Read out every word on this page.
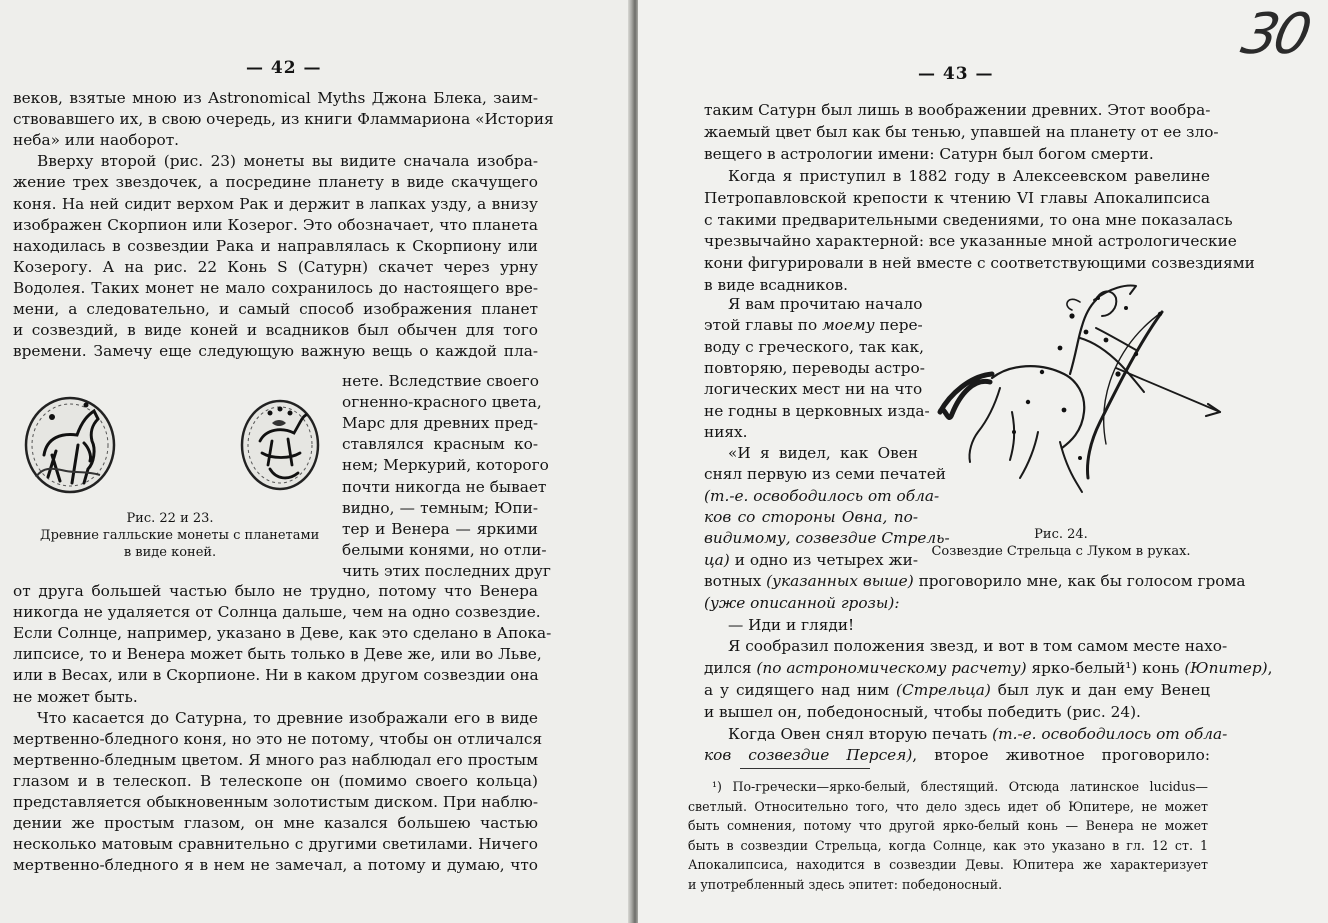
— 42 —
веков, взятые мною из Astronomical Myths Джона Блека, заим-
ствовавшего их, в свою очередь, из книги Фламмариона «История
неба» или наоборот.
Вверху второй (рис. 23) монеты вы видите сначала изобра-
жение трех звездочек, а посредине планету в виде скачущего
коня. На ней сидит верхом Рак и держит в лапках узду, а внизу
изображен Скорпион или Козерог. Это обозначает, что планета
находилась в созвездии Рака и направлялась к Скорпиону или
Козерогу. А на рис. 22 Конь S (Сатурн) скачет через урну
Водолея. Таких монет не мало сохранилось до настоящего вре-
мени, а следовательно, и самый способ изображения планет
и созвездий, в виде коней и всадников был обычен для того
времени. Замечу еще следующую важную вещь о каждой пла-
нете. Вследствие своего
огненно-красного цвета,
Марс для древних пред-
ставлялся красным ко-
нем; Меркурий, которого
почти никогда не бывает
видно, — темным; Юпи-
тер и Венера — яркими
белыми конями, но отли-
чить этих последних друг
Рис. 22 и 23.
Древние галльские монеты с планетами
в виде коней.
от друга большей частью было не трудно, потому что Венера
никогда не удаляется от Солнца дальше, чем на одно созвездие.
Если Солнце, например, указано в Деве, как это сделано в Апока-
липсисе, то и Венера может быть только в Деве же, или во Льве,
или в Весах, или в Скорпионе. Ни в каком другом созвездии она
не может быть.
Что касается до Сатурна, то древние изображали его в виде
мертвенно-бледного коня, но это не потому, чтобы он отличался
мертвенно-бледным цветом. Я много раз наблюдал его простым
глазом и в телескоп. В телескопе он (помимо своего кольца)
представляется обыкновенным золотистым диском. При наблю-
дении же простым глазом, он мне казался большею частью
несколько матовым сравнительно с другими светилами. Ничего
мертвенно-бледного я в нем не замечал, а потому и думаю, что
— 43 —
30
таким Сатурн был лишь в воображении древних. Этот вообра-
жаемый цвет был как бы тенью, упавшей на планету от ее зло-
вещего в астрологии имени: Сатурн был богом смерти.
Когда я приступил в 1882 году в Алексеевском равелине
Петропавловской крепости к чтению VI главы Апокалипсиса
с такими предварительными сведениями, то она мне показалась
чрезвычайно характерной: все указанные мной астрологические
кони фигурировали в ней вместе с соответствующими созвездиями
в виде всадников.
Я вам прочитаю начало
этой главы по моему пере-
воду с греческого, так как,
повторяю, переводы астро-
логических мест ни на что
не годны в церковных изда-
ниях.
«И я видел, как Овен
снял первую из семи печатей
(т.-е. освободилось от обла-
ков со стороны Овна, по-
видимому, созвездие Стрель-
ца) и одно из четырех жи-
Рис. 24.
Созвездие Стрельца с Луком в руках.
вотных (указанных выше) проговорило мне, как бы голосом грома
(уже описанной грозы):
— Иди и гляди!
Я сообразил положения звезд, и вот в том самом месте нахо-
дился (по астрономическому расчету) ярко-белый¹) конь (Юпитер),
а у сидящего над ним (Стрельца) был лук и дан ему Венец
и вышел он, победоносный, чтобы победить (рис. 24).
Когда Овен снял вторую печать (т.-е. освободилось от обла-
ков созвездие Персея), второе животное проговорило:
¹) По-гречески—ярко-белый, блестящий. Отсюда латинское lucidus—
светлый. Относительно того, что дело здесь идет об Юпитере, не может
быть сомнения, потому что другой ярко-белый конь — Венера не может
быть в созвездии Стрельца, когда Солнце, как это указано в гл. 12 ст. 1
Апокалипсиса, находится в созвездии Девы. Юпитера же характеризует
и употребленный здесь эпитет: победоносный.
